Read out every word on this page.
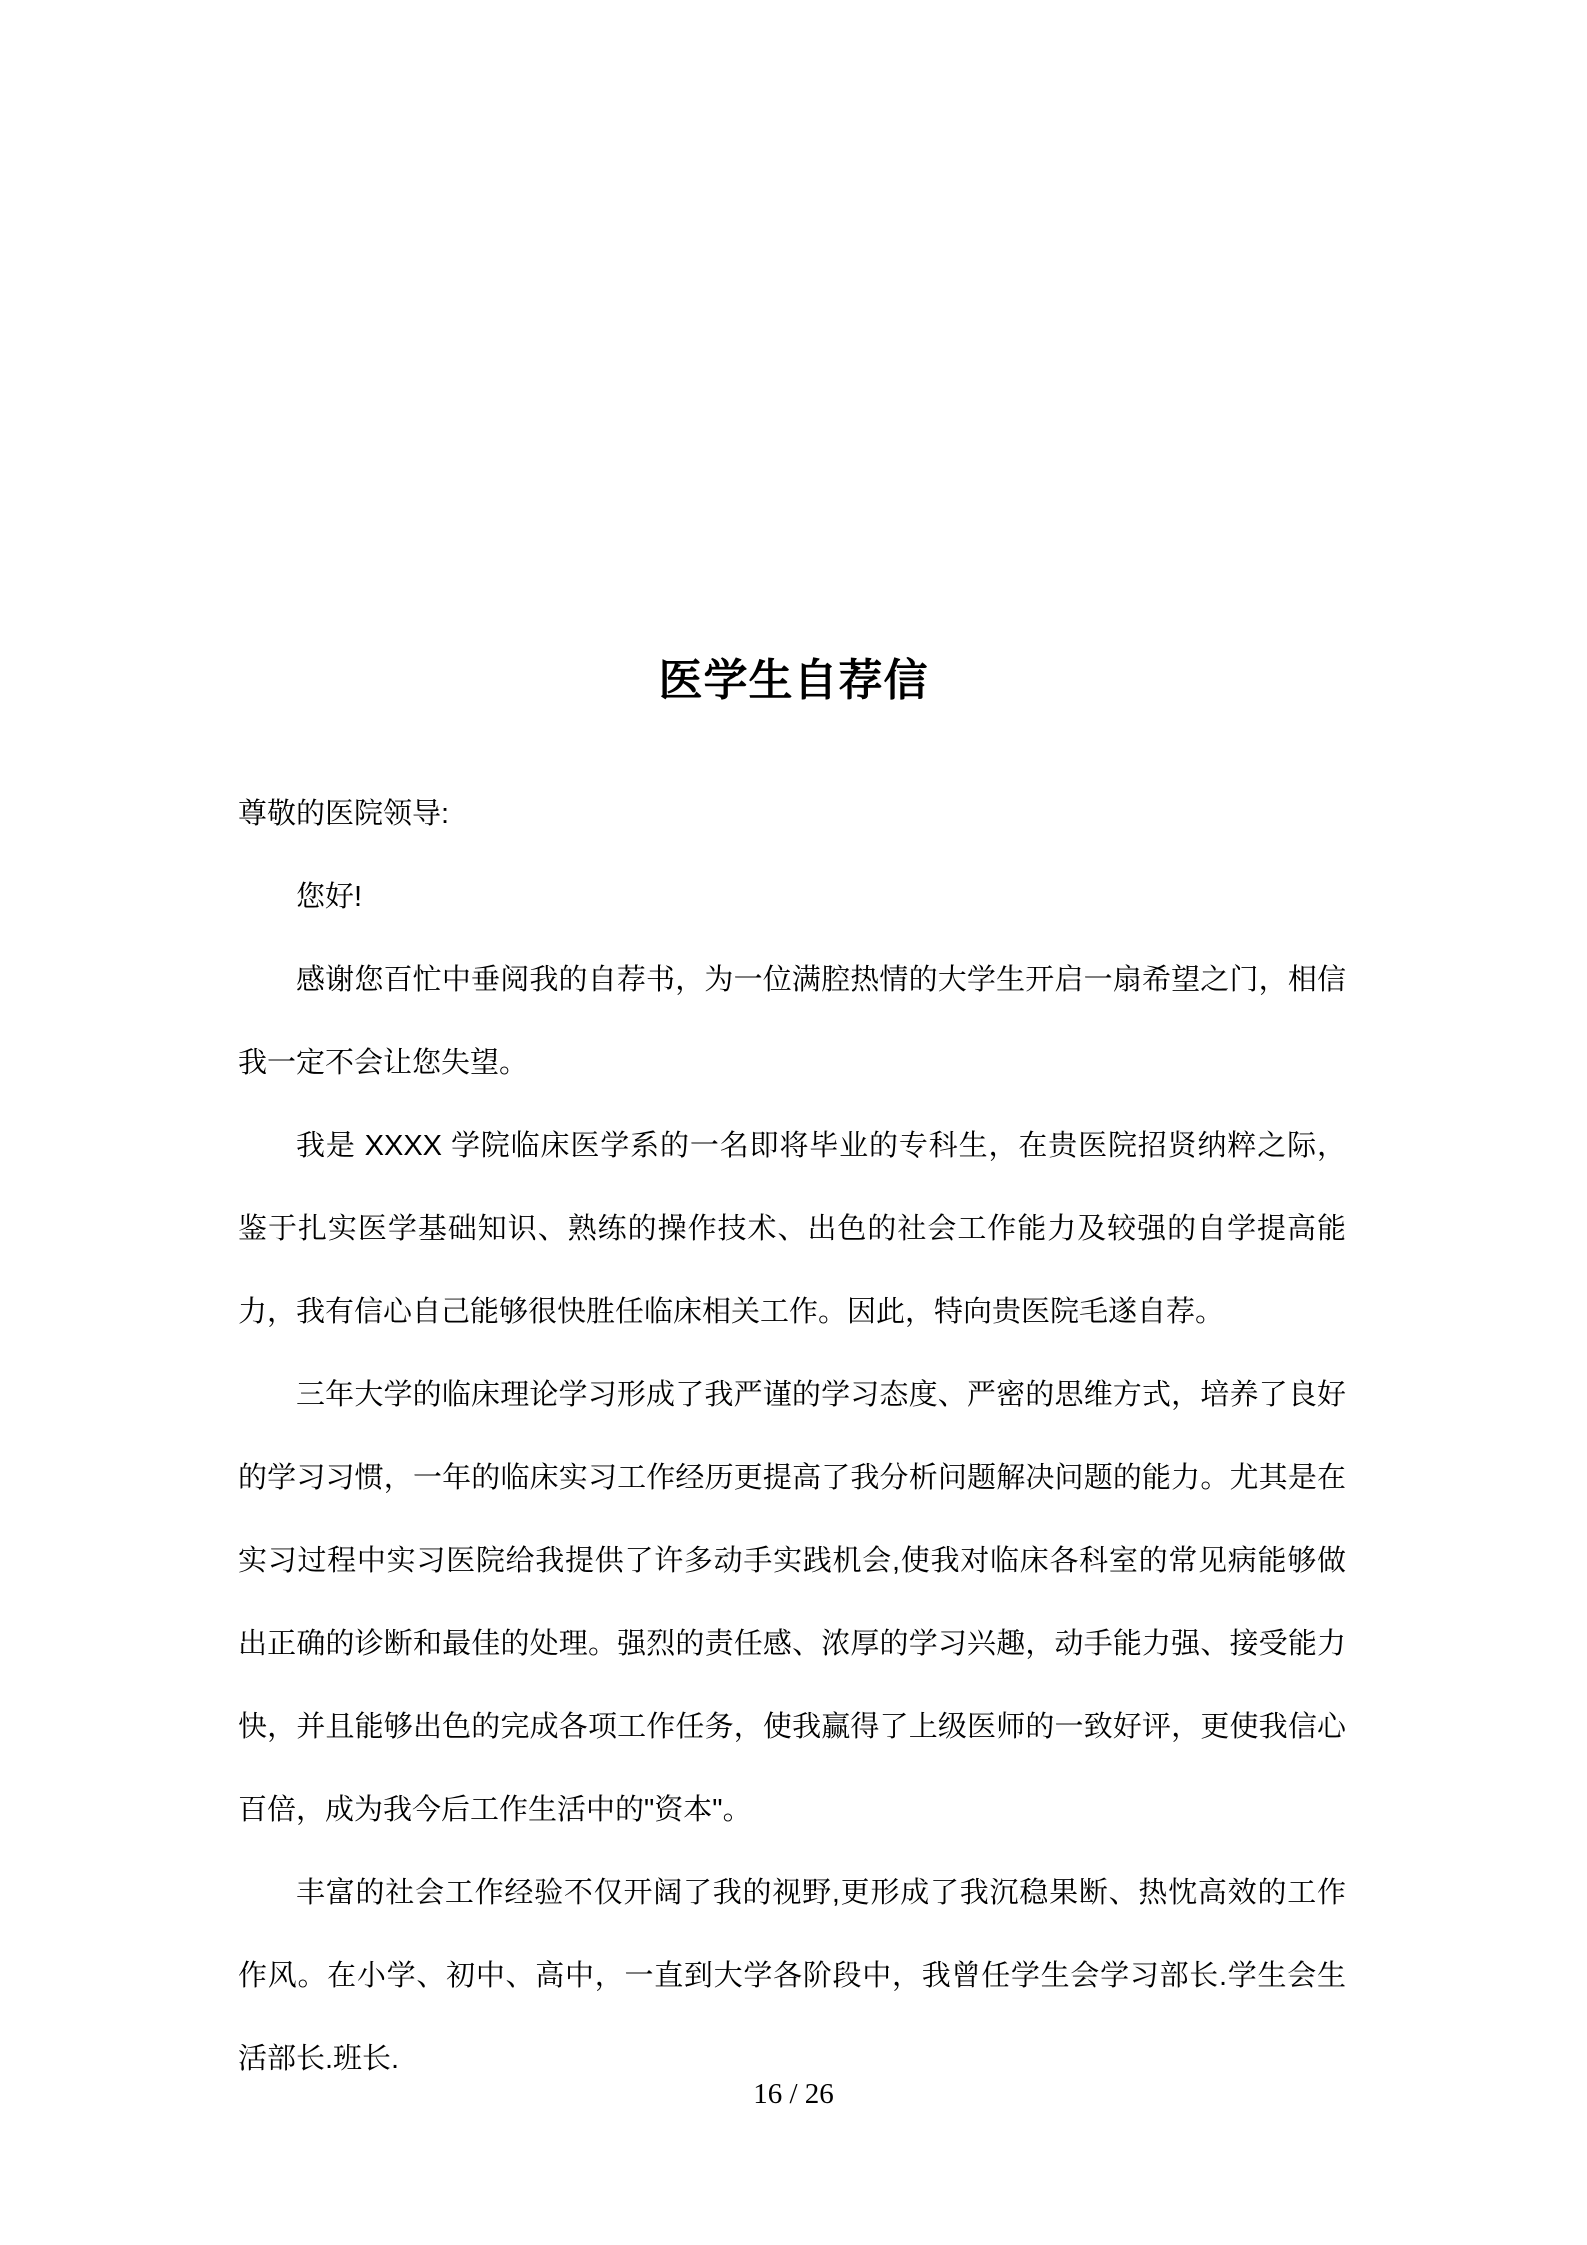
医学生自荐信

尊敬的医院领导:

您好!

感谢您百忙中垂阅我的自荐书，为一位满腔热情的大学生开启一扇希望之门，相信我一定不会让您失望。

我是 XXXX 学院临床医学系的一名即将毕业的专科生，在贵医院招贤纳粹之际，鉴于扎实医学基础知识、熟练的操作技术、出色的社会工作能力及较强的自学提高能力，我有信心自己能够很快胜任临床相关工作。因此，特向贵医院毛遂自荐。

三年大学的临床理论学习形成了我严谨的学习态度、严密的思维方式，培养了良好的学习习惯，一年的临床实习工作经历更提高了我分析问题解决问题的能力。尤其是在实习过程中实习医院给我提供了许多动手实践机会,使我对临床各科室的常见病能够做出正确的诊断和最佳的处理。强烈的责任感、浓厚的学习兴趣，动手能力强、接受能力快，并且能够出色的完成各项工作任务，使我赢得了上级医师的一致好评，更使我信心百倍，成为我今后工作生活中的"资本"。

丰富的社会工作经验不仅开阔了我的视野,更形成了我沉稳果断、热忱高效的工作作风。在小学、初中、高中，一直到大学各阶段中，我曾任学生会学习部长.学生会生活部长.班长.

16 / 26
